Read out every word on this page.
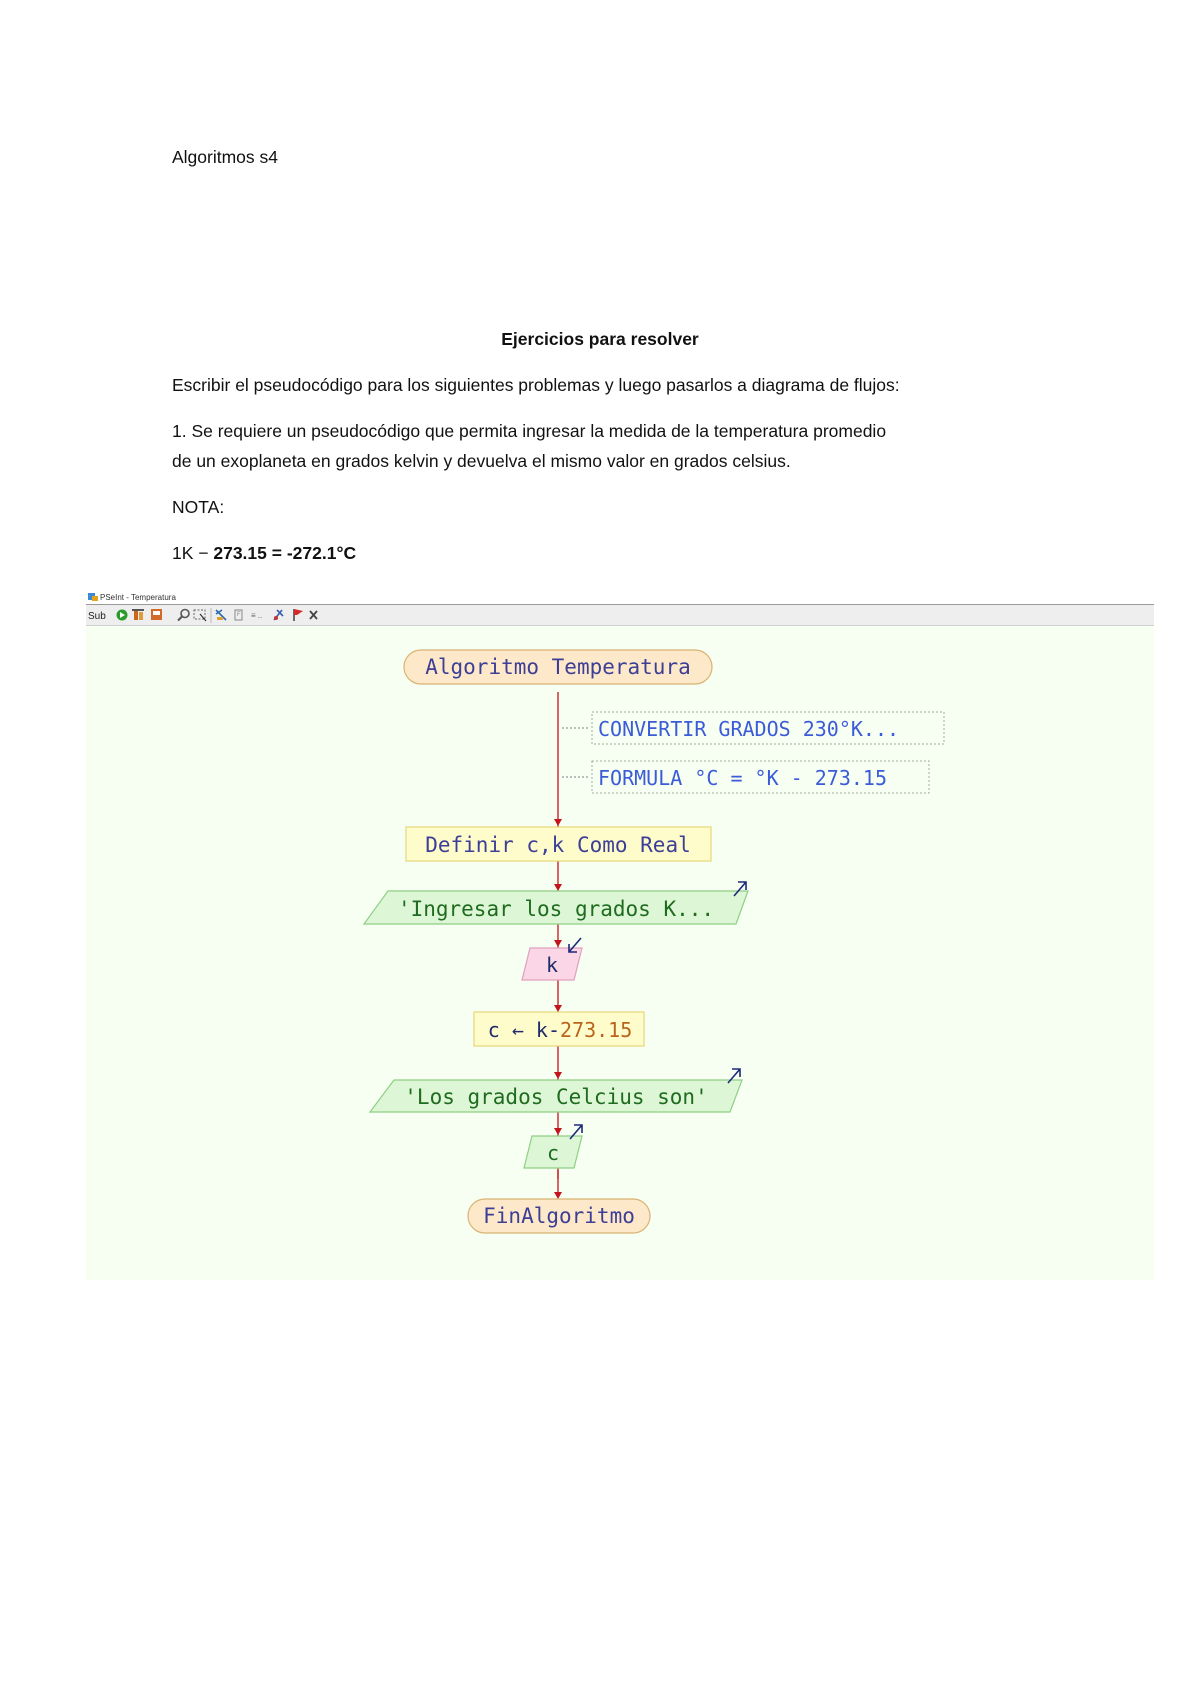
Algoritmos s4

Ejercicios para resolver

Escribir el pseudocódigo para los siguientes problemas y luego pasarlos a diagrama de flujos:

1. Se requiere un pseudocódigo que permita ingresar la medida de la temperatura promedio

de un exoplaneta en grados kelvin y devuelva el mismo valor en grados celsius.

NOTA:

1K − 273.15 = -272.1°C

PSeInt - Temperatura
Sub	F ≡ ..
Algoritmo Temperatura
CONVERTIR GRADOS 230°K...
FORMULA °C = °K - 273.15
Definir c,k Como Real
'Ingresar los grados K...
k
c ← k-273.15
'Los grados Celcius son'
c
FinAlgoritmo
